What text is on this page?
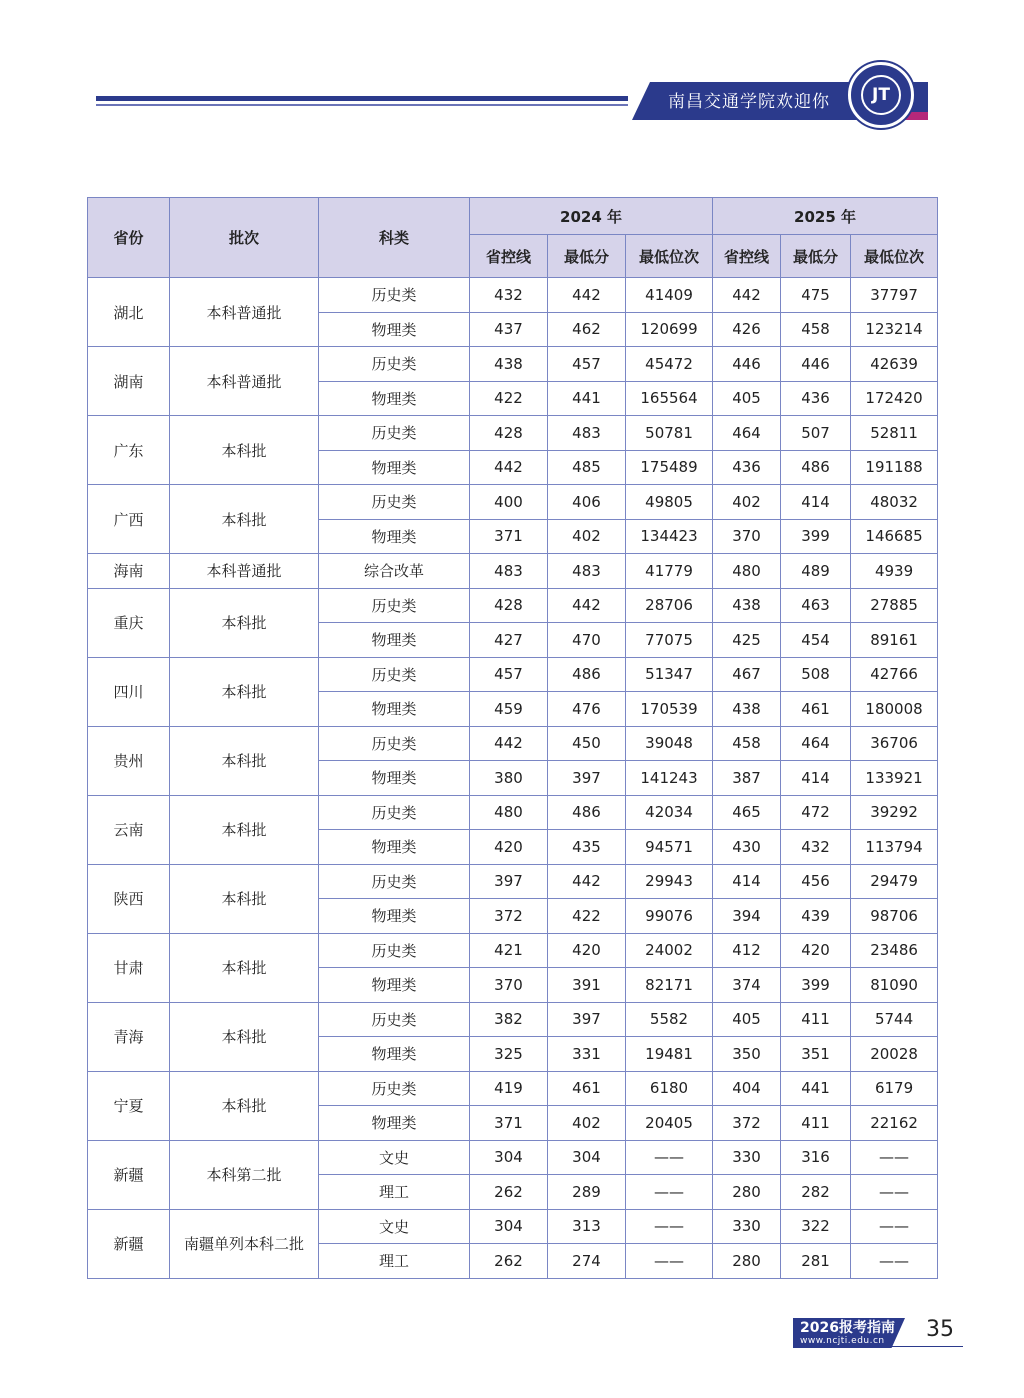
南昌交通学院欢迎你	JT
省份	批次	科类	2024 年			2025 年		
			省控线	最低分	最低位次	省控线	最低分	最低位次
湖北	本科普通批	历史类	432	442	41409	442	475	37797
		物理类	437	462	120699	426	458	123214
湖南	本科普通批	历史类	438	457	45472	446	446	42639
		物理类	422	441	165564	405	436	172420
广东	本科批	历史类	428	483	50781	464	507	52811
		物理类	442	485	175489	436	486	191188
广西	本科批	历史类	400	406	49805	402	414	48032
		物理类	371	402	134423	370	399	146685
海南	本科普通批	综合改革	483	483	41779	480	489	4939
重庆	本科批	历史类	428	442	28706	438	463	27885
		物理类	427	470	77075	425	454	89161
四川	本科批	历史类	457	486	51347	467	508	42766
		物理类	459	476	170539	438	461	180008
贵州	本科批	历史类	442	450	39048	458	464	36706
		物理类	380	397	141243	387	414	133921
云南	本科批	历史类	480	486	42034	465	472	39292
		物理类	420	435	94571	430	432	113794
陕西	本科批	历史类	397	442	29943	414	456	29479
		物理类	372	422	99076	394	439	98706
甘肃	本科批	历史类	421	420	24002	412	420	23486
		物理类	370	391	82171	374	399	81090
青海	本科批	历史类	382	397	5582	405	411	5744
		物理类	325	331	19481	350	351	20028
宁夏	本科批	历史类	419	461	6180	404	441	6179
		物理类	371	402	20405	372	411	22162
新疆	本科第二批	文史	304	304	——	330	316	——
		理工	262	289	——	280	282	——
新疆	南疆单列本科二批	文史	304	313	——	330	322	——
		理工	262	274	——	280	281	——
2026报考指南
www.ncjti.edu.cn	35
